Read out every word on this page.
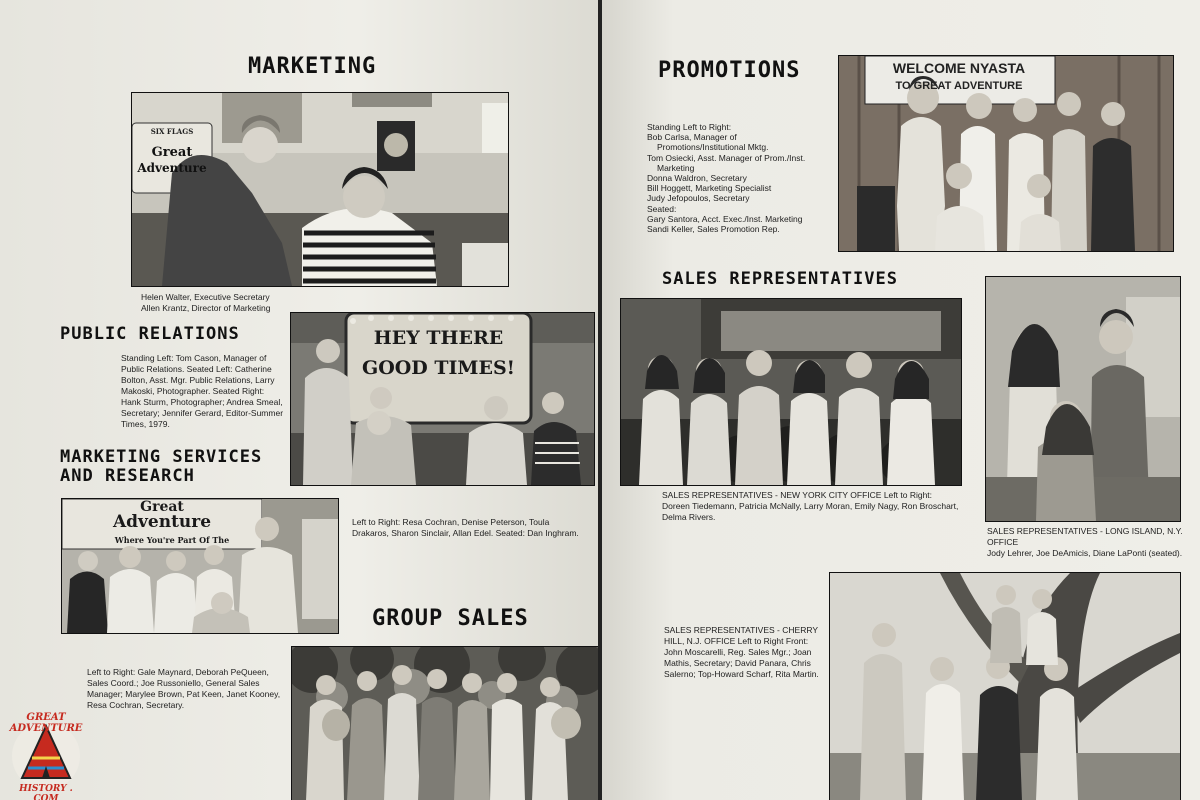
MARKETING
SIX FLAGS
Great
Adventure
Helen Walter, Executive Secretary
Allen Krantz, Director of Marketing
PUBLIC RELATIONS
Standing Left: Tom Cason, Manager of Public Relations. Seated Left: Catherine Bolton, Asst. Mgr. Public Relations, Larry Makoski, Photographer. Seated Right: Hank Sturm, Photographer; Andrea Smeal, Secretary; Jennifer Gerard, Editor-Summer Times, 1979.
HEY THERE
GOOD TIMES!
MARKETING SERVICES
AND RESEARCH
Great
Adventure
Where You're Part Of The
Left to Right: Resa Cochran, Denise Peterson, Toula Drakaros, Sharon Sinclair, Allan Edel. Seated: Dan Inghram.
GROUP SALES
Left to Right: Gale Maynard, Deborah PeQueen, Sales Coord.; Joe Russoniello, General Sales Manager; Marylee Brown, Pat Keen, Janet Kooney, Resa Cochran, Secretary.
GREAT ADVENTURE
HISTORY . COM
PROMOTIONS
Standing Left to Right:
Bob Carlsa, Manager of
Promotions/Institutional Mktg.
Tom Osiecki, Asst. Manager of Prom./Inst.
Marketing
Donna Waldron, Secretary
Bill Hoggett, Marketing Specialist
Judy Jefopoulos, Secretary
Seated:
Gary Santora, Acct. Exec./Inst. Marketing
Sandi Keller, Sales Promotion Rep.
WELCOME NYASTA
TO GREAT ADVENTURE
SALES REPRESENTATIVES
SALES REPRESENTATIVES - NEW YORK CITY OFFICE Left to Right: Doreen Tiedemann, Patricia McNally, Larry Moran, Emily Nagy, Ron Broschart, Delma Rivers.
SALES REPRESENTATIVES - LONG ISLAND, N.Y. OFFICE
Jody Lehrer, Joe DeAmicis, Diane LaPonti (seated).
SALES REPRESENTATIVES - CHERRY HILL, N.J. OFFICE Left to Right Front: John Moscarelli, Reg. Sales Mgr.; Joan Mathis, Secretary; David Panara, Chris Salerno; Top-Howard Scharf, Rita Martin.
